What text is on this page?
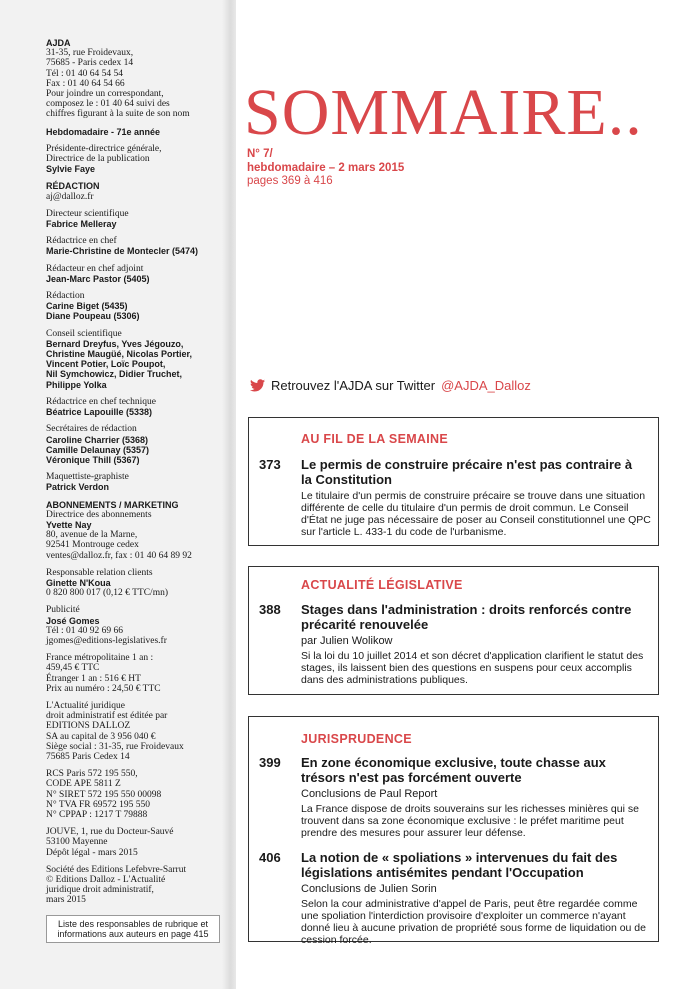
AJDA
31-35, rue Froidevaux,
75685 - Paris cedex 14
Tél : 01 40 64 54 54
Fax : 01 40 64 54 66
Pour joindre un correspondant,
composez le : 01 40 64 suivi des
chiffres figurant à la suite de son nom
Hebdomadaire - 71e année
Présidente-directrice générale,
Directrice de la publication
Sylvie Faye
RÉDACTION
aj@dalloz.fr
Directeur scientifique
Fabrice Melleray
Rédactrice en chef
Marie-Christine de Montecler (5474)
Rédacteur en chef adjoint
Jean-Marc Pastor (5405)
Rédaction
Carine Biget (5435)
Diane Poupeau (5306)
Conseil scientifique
Bernard Dreyfus, Yves Jégouzo,
Christine Maugüé, Nicolas Portier,
Vincent Potier, Loïc Poupot,
Nil Symchowicz, Didier Truchet,
Philippe Yolka
Rédactrice en chef technique
Béatrice Lapouille (5338)
Secrétaires de rédaction
Caroline Charrier (5368)
Camille Delaunay (5357)
Véronique Thill (5367)
Maquettiste-graphiste
Patrick Verdon
ABONNEMENTS / MARKETING
Directrice des abonnements
Yvette Nay
80, avenue de la Marne,
92541 Montrouge cedex
ventes@dalloz.fr, fax : 01 40 64 89 92
Responsable relation clients
Ginette N'Koua
0 820 800 017 (0,12 € TTC/mn)
Publicité
José Gomes
Tél : 01 40 92 69 66
jgomes@editions-legislatives.fr
France métropolitaine 1 an :
459,45 € TTC
Étranger 1 an : 516 € HT
Prix au numéro : 24,50 € TTC
L'Actualité juridique
droit administratif est éditée par
EDITIONS DALLOZ
SA au capital de 3 956 040 €
Siège social : 31-35, rue Froidevaux
75685 Paris Cedex 14
RCS Paris 572 195 550,
CODE APE 5811 Z
N° SIRET 572 195 550 00098
N° TVA FR 69572 195 550
N° CPPAP : 1217 T 79888
JOUVE, 1, rue du Docteur-Sauvé
53100 Mayenne
Dépôt légal - mars 2015
Société des Editions Lefebvre-Sarrut
© Editions Dalloz - L'Actualité
juridique droit administratif,
mars 2015
Liste des responsables de rubrique et informations aux auteurs en page 415
SOMMAIRE..
N° 7/
hebdomadaire – 2 mars 2015
pages 369 à 416
Retrouvez l'AJDA sur Twitter @AJDA_Dalloz
AU FIL DE LA SEMAINE
373 Le permis de construire précaire n'est pas contraire à la Constitution
Le titulaire d'un permis de construire précaire se trouve dans une situation différente de celle du titulaire d'un permis de droit commun. Le Conseil d'État ne juge pas nécessaire de poser au Conseil constitutionnel une QPC sur l'article L. 433-1 du code de l'urbanisme.
ACTUALITÉ LÉGISLATIVE
388 Stages dans l'administration : droits renforcés contre précarité renouvelée
par Julien Wolikow
Si la loi du 10 juillet 2014 et son décret d'application clarifient le statut des stages, ils laissent bien des questions en suspens pour ceux accomplis dans des administrations publiques.
JURISPRUDENCE
399 En zone économique exclusive, toute chasse aux trésors n'est pas forcément ouverte
Conclusions de Paul Report
La France dispose de droits souverains sur les richesses minières qui se trouvent dans sa zone économique exclusive : le préfet maritime peut prendre des mesures pour assurer leur défense.
406 La notion de « spoliations » intervenues du fait des législations antisémites pendant l'Occupation
Conclusions de Julien Sorin
Selon la cour administrative d'appel de Paris, peut être regardée comme une spoliation l'interdiction provisoire d'exploiter un commerce n'ayant donné lieu à aucune privation de propriété sous forme de liquidation ou de cession forcée.
